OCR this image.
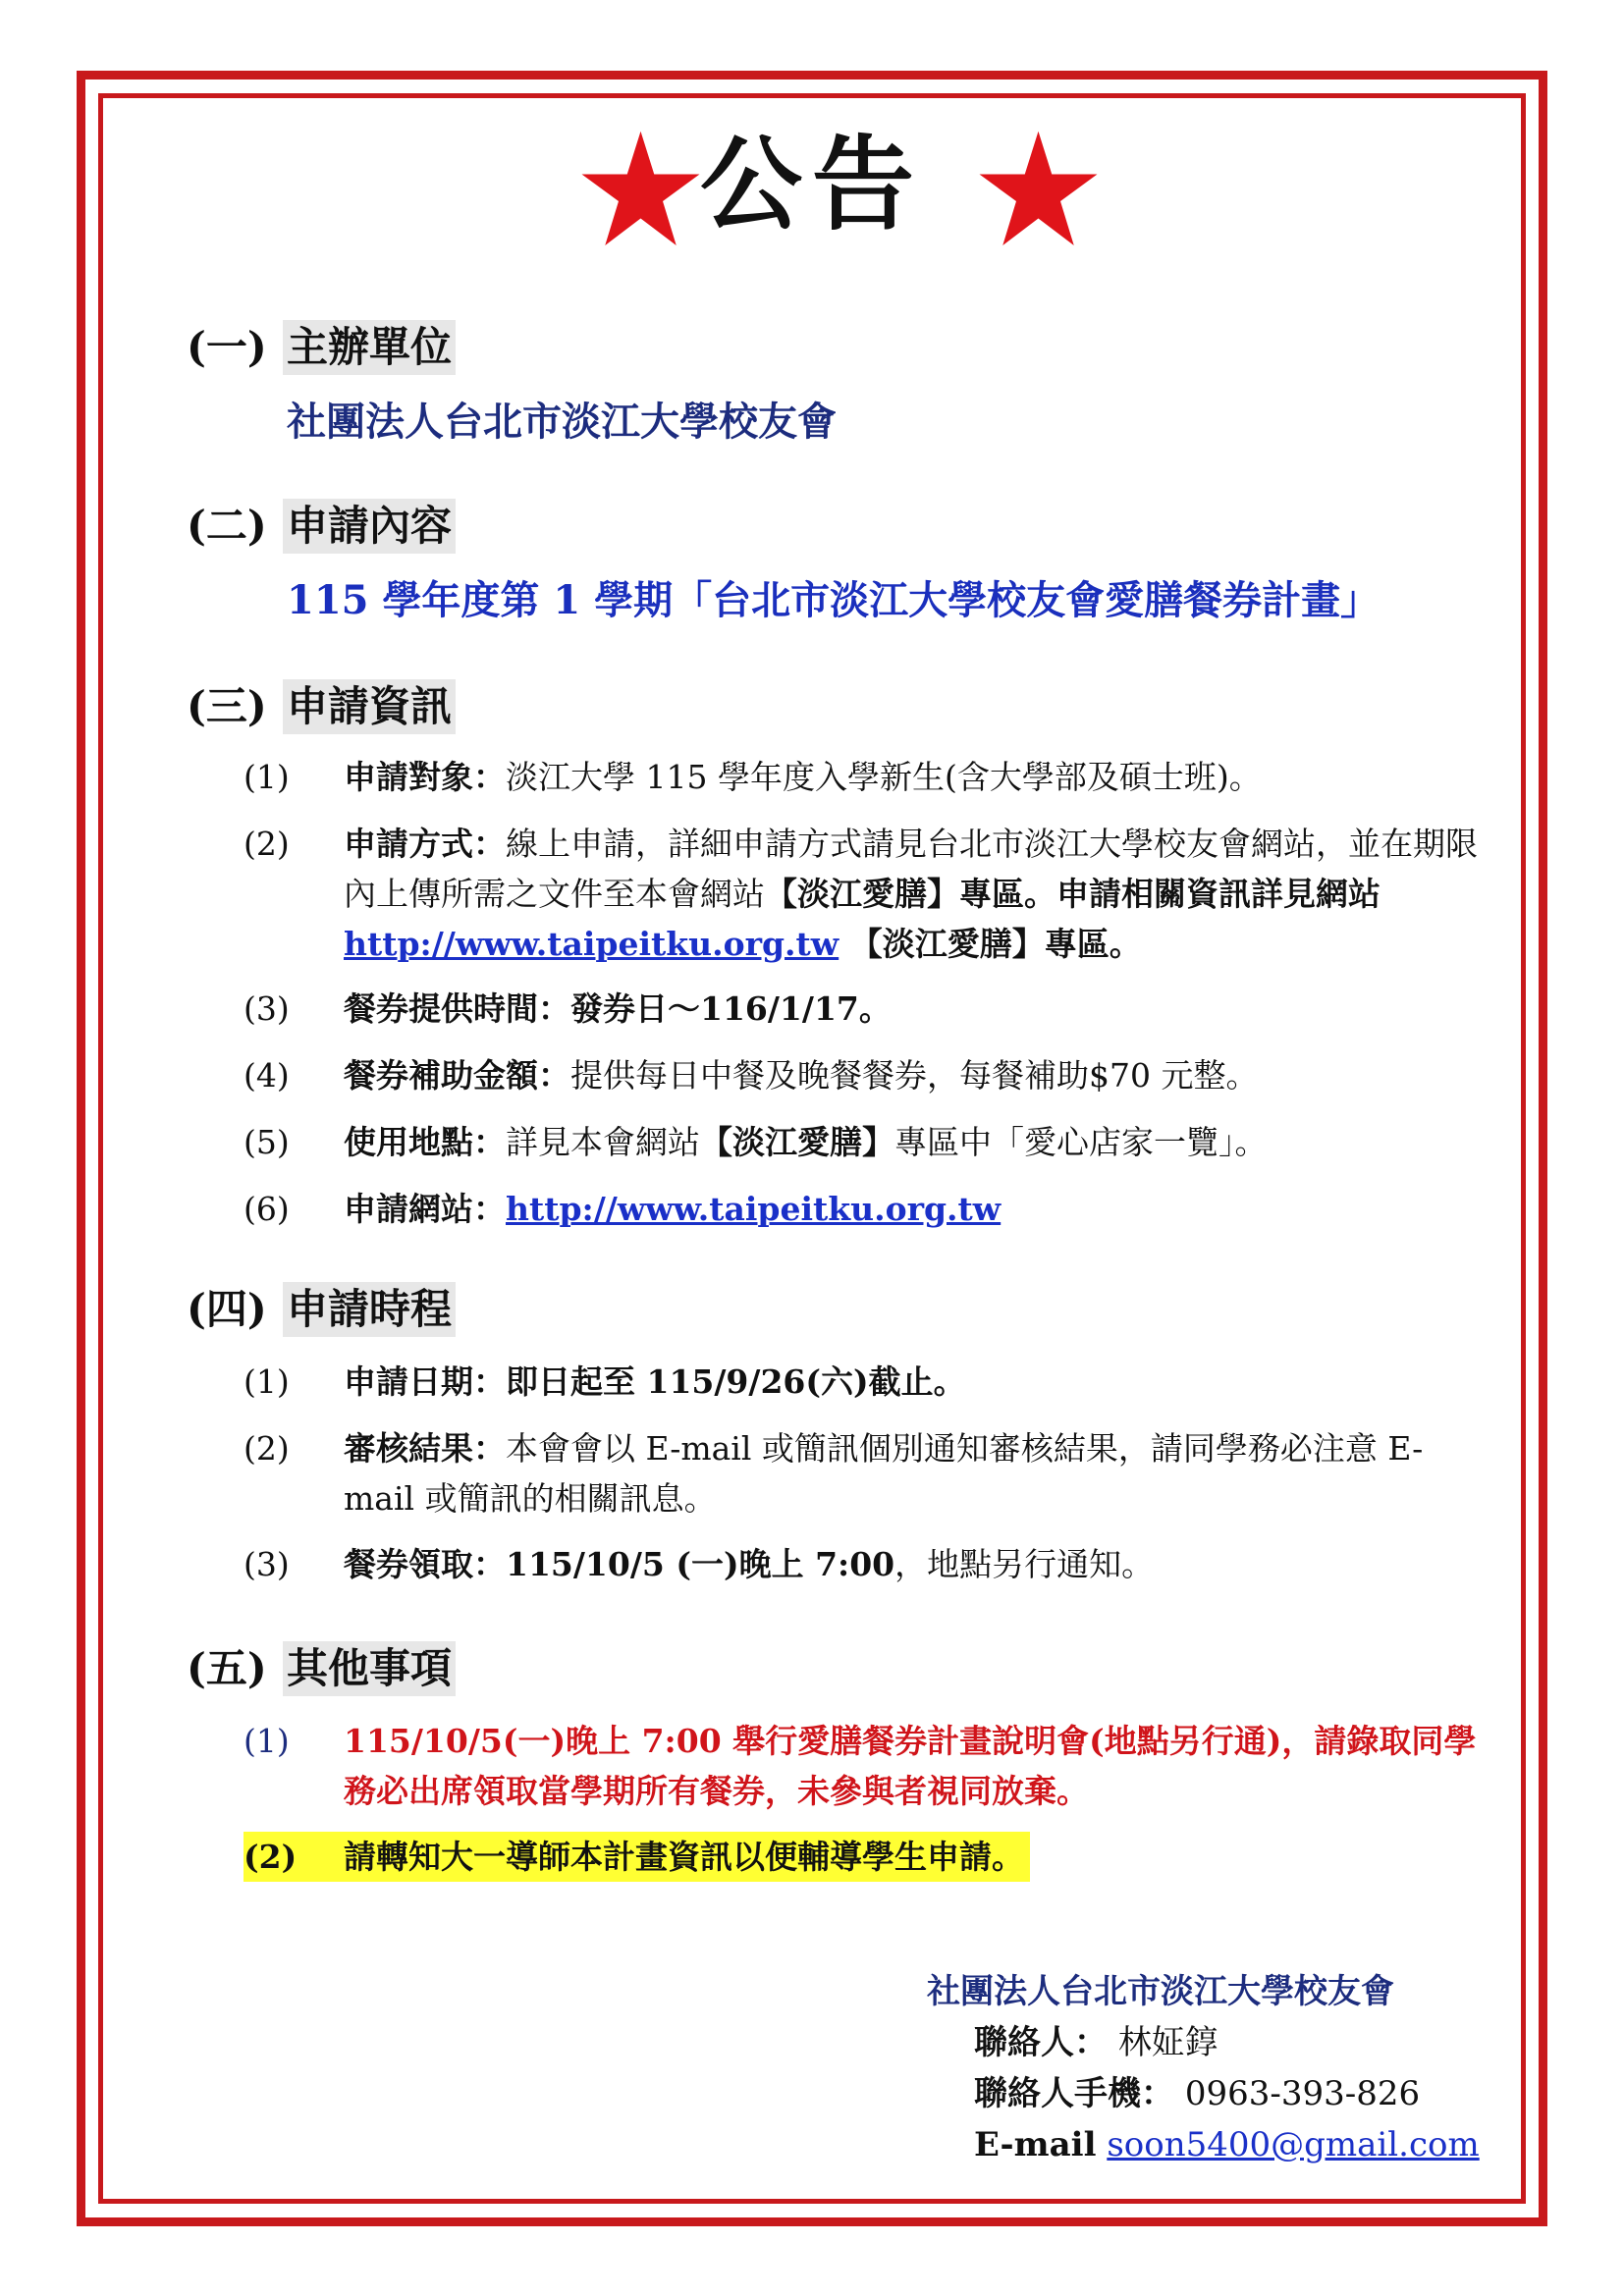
公告
(一) 主辦單位
社團法人台北市淡江大學校友會
(二) 申請內容
115 學年度第 1 學期「台北市淡江大學校友會愛膳餐券計畫」
(三) 申請資訊
(1) 申請對象：淡江大學 115 學年度入學新生(含大學部及碩士班)。
(2) 申請方式：線上申請，詳細申請方式請見台北市淡江大學校友會網站，並在期限內上傳所需之文件至本會網站【淡江愛膳】專區。申請相關資訊詳見網站 http://www.taipeitku.org.tw 【淡江愛膳】專區。
(3) 餐券提供時間：發券日～116/1/17。
(4) 餐券補助金額：提供每日中餐及晚餐餐券，每餐補助$70 元整。
(5) 使用地點：詳見本會網站【淡江愛膳】專區中「愛心店家一覽」。
(6) 申請網站：http://www.taipeitku.org.tw
(四) 申請時程
(1) 申請日期：即日起至 115/9/26(六)截止。
(2) 審核結果：本會會以 E-mail 或簡訊個別通知審核結果，請同學務必注意 E-mail 或簡訊的相關訊息。
(3) 餐券領取：115/10/5 (一)晚上 7:00，地點另行通知。
(五) 其他事項
(1) 115/10/5(一)晚上 7:00 舉行愛膳餐券計畫說明會(地點另行通)，請錄取同學務必出席領取當學期所有餐券，未參與者視同放棄。
(2) 請轉知大一導師本計畫資訊以便輔導學生申請。
社團法人台北市淡江大學校友會
聯絡人： 林姃錞
聯絡人手機： 0963-393-826
E-mail soon5400@gmail.com
